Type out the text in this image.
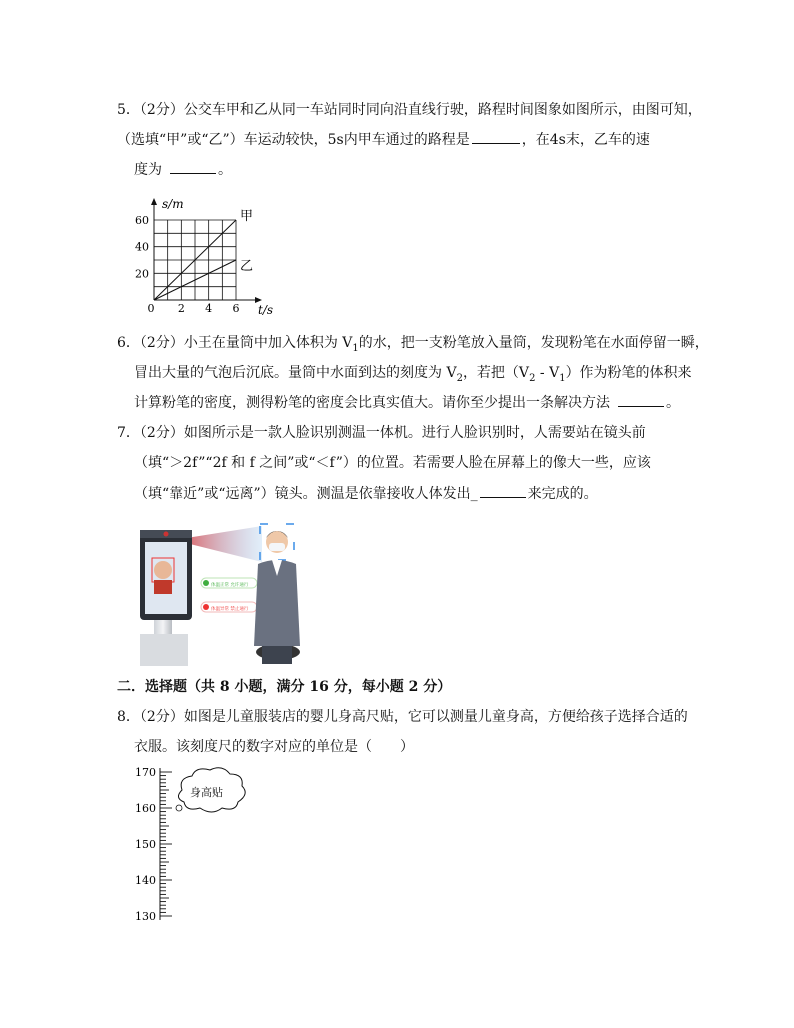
5．（2分）公交车甲和乙从同一车站同时同向沿直线行驶，路程时间图象如图所示，由图可知，
（选填“甲”或“乙”）车运动较快，5s内甲车通过的路程是	，在4s末，乙车的速
度为	。
甲
乙
60
40
20
0 2 4 6
s/m
t/s
6．（2分）小王在量筒中加入体积为 $V_1$的水，把一支粉笔放入量筒，发现粉笔在水面停留一瞬，
冒出大量的气泡后沉底。量筒中水面到达的刻度为 $V_2$，若把$(V_2 - V_1)$作为粉笔的体积来
计算粉笔的密度，测得粉笔的密度会比真实值大。请你至少提出一条解决方法	。
7．（2分）如图所示是一款人脸识别测温一体机。进行人脸识别时，人需要站在镜头前
（填“＞2f”“2f 和 f 之间”或“＜f”）的位置。若需要人脸在屏幕上的像大一些，应该
（填“靠近”或“远离”）镜头。测温是依靠接收人体发出_	来完成的。
体温正常 允许通行
体温异常 禁止通行
二．选择题（共 8 小题，满分 16 分，每小题 2 分）
8．（2分）如图是儿童服装店的婴儿身高尺贴，它可以测量儿童身高，方便给孩子选择合适的
衣服。该刻度尺的数字对应的单位是（　　）
170
160
150
140
130
身高贴
